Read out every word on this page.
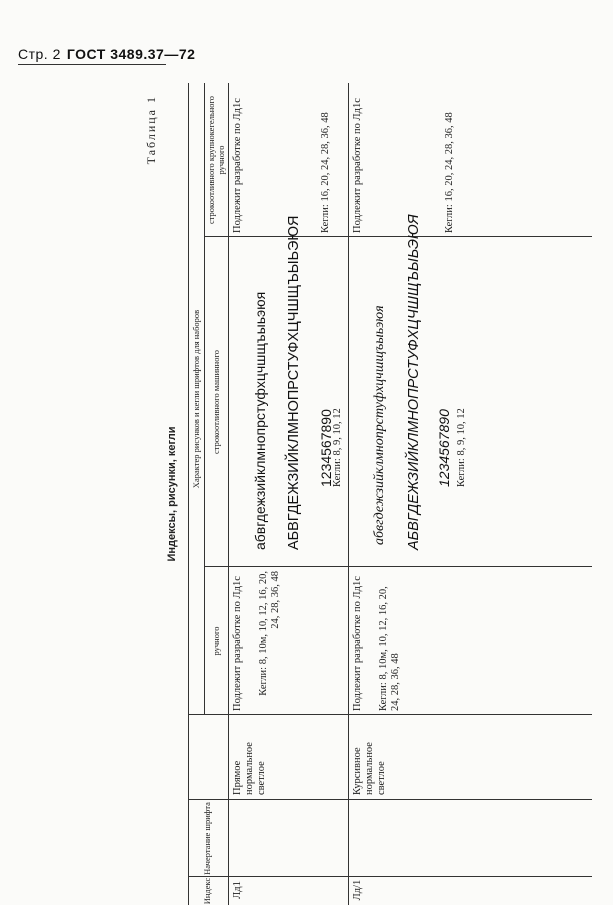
Стр. 2 ГОСТ 3489.37—72
Таблица 1
Индексы, рисунки, кегли
Индекс
Начертание шрифта
Характер рисунков и кегли шрифтов для наборов
ручного
строкоотливного машинного
строкоотливного крупнокегельного ручного
Лд1
Прямое нормальное светлое
Подлежит разработке по Лд1с Кегли: 8, 10м, 10, 12, 16, 20, 24, 28, 36, 48
абвгдежзийклмнопрстуфхцчшщъыьэюя АБВГДЕЖЗИЙКЛМНОПРСТУФХЦЧШЩЪЫЬЭЮЯ 1234567890
Кегли: 8, 9, 10, 12
Подлежит разработке по Лд1с	Кегли: 16, 20, 24, 28, 36, 48
Лд/1
Курсивное нормальное светлое
Подлежит разработке по Лд1с Кегли: 8, 10м, 10, 12, 16, 20, 24, 28, 36, 48
абвгдежзийклмнопрстуфхцчшщъыьэюя АБВГДЕЖЗИЙКЛМНОПРСТУФХЦЧШЩЪЫЬЭЮЯ 1234567890 Кегли: 8, 9, 10, 12
Подлежит разработке по Лд1с	Кегли: 16, 20, 24, 28, 36, 48
